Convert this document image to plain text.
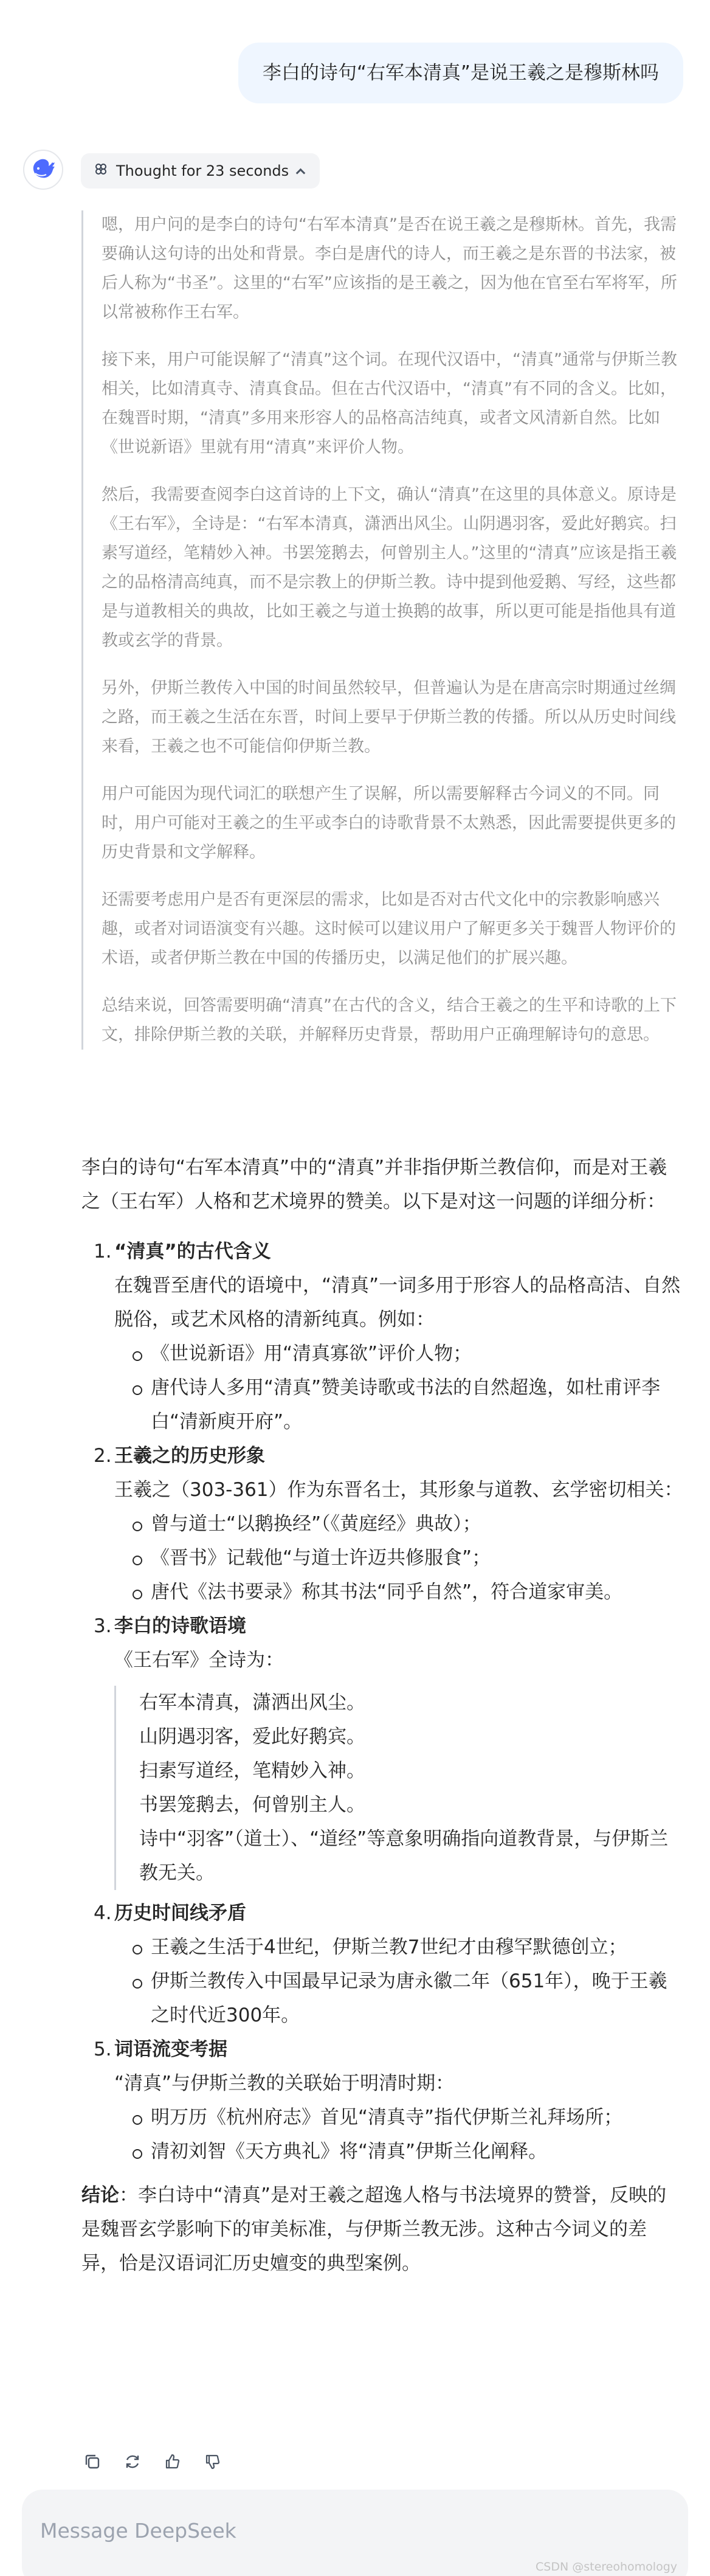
李白的诗句“右军本清真”是说王羲之是穆斯林吗
Thought for 23 seconds

嗯，用户问的是李白的诗句“右军本清真”是否在说王羲之是穆斯林。首先，我需要确认这句诗的出处和背景。李白是唐代的诗人，而王羲之是东晋的书法家，被后人称为“书圣”。这里的“右军”应该指的是王羲之，因为他在官至右军将军，所以常被称作王右军。

接下来，用户可能误解了“清真”这个词。在现代汉语中，“清真”通常与伊斯兰教相关，比如清真寺、清真食品。但在古代汉语中，“清真”有不同的含义。比如，在魏晋时期，“清真”多用来形容人的品格高洁纯真，或者文风清新自然。比如《世说新语》里就有用“清真”来评价人物。

然后，我需要查阅李白这首诗的上下文，确认“清真”在这里的具体意义。原诗是《王右军》，全诗是：“右军本清真，潇洒出风尘。山阴遇羽客，爱此好鹅宾。扫素写道经，笔精妙入神。书罢笼鹅去，何曾别主人。”这里的“清真”应该是指王羲之的品格清高纯真，而不是宗教上的伊斯兰教。诗中提到他爱鹅、写经，这些都是与道教相关的典故，比如王羲之与道士换鹅的故事，所以更可能是指他具有道教或玄学的背景。

另外，伊斯兰教传入中国的时间虽然较早，但普遍认为是在唐高宗时期通过丝绸之路，而王羲之生活在东晋，时间上要早于伊斯兰教的传播。所以从历史时间线来看，王羲之也不可能信仰伊斯兰教。

用户可能因为现代词汇的联想产生了误解，所以需要解释古今词义的不同。同时，用户可能对王羲之的生平或李白的诗歌背景不太熟悉，因此需要提供更多的历史背景和文学解释。

还需要考虑用户是否有更深层的需求，比如是否对古代文化中的宗教影响感兴趣，或者对词语演变有兴趣。这时候可以建议用户了解更多关于魏晋人物评价的术语，或者伊斯兰教在中国的传播历史，以满足他们的扩展兴趣。

总结来说，回答需要明确“清真”在古代的含义，结合王羲之的生平和诗歌的上下文，排除伊斯兰教的关联，并解释历史背景，帮助用户正确理解诗句的意思。

李白的诗句“右军本清真”中的“清真”并非指伊斯兰教信仰，而是对王羲之（王右军）人格和艺术境界的赞美。以下是对这一问题的详细分析：
1. “清真”的古代含义
在魏晋至唐代的语境中，“清真”一词多用于形容人的品格高洁、自然脱俗，或艺术风格的清新纯真。例如：
《世说新语》用“清真寡欲”评价人物；
唐代诗人多用“清真”赞美诗歌或书法的自然超逸，如杜甫评李白“清新庾开府”。
2. 王羲之的历史形象
王羲之（303-361）作为东晋名士，其形象与道教、玄学密切相关：
曾与道士“以鹅换经”（《黄庭经》典故）；
《晋书》记载他“与道士许迈共修服食”；
唐代《法书要录》称其书法“同乎自然”，符合道家审美。
3. 李白的诗歌语境
《王右军》全诗为：
右军本清真，潇洒出风尘。
山阴遇羽客，爱此好鹅宾。
扫素写道经，笔精妙入神。
书罢笼鹅去，何曾别主人。
诗中“羽客”（道士）、“道经”等意象明确指向道教背景，与伊斯兰教无关。
4. 历史时间线矛盾
王羲之生活于4世纪，伊斯兰教7世纪才由穆罕默德创立；
伊斯兰教传入中国最早记录为唐永徽二年（651年），晚于王羲之时代近300年。
5. 词语流变考据
“清真”与伊斯兰教的关联始于明清时期：
明万历《杭州府志》首见“清真寺”指代伊斯兰礼拜场所；
清初刘智《天方典礼》将“清真”伊斯兰化阐释。
结论：李白诗中“清真”是对王羲之超逸人格与书法境界的赞誉，反映的是魏晋玄学影响下的审美标准，与伊斯兰教无涉。这种古今词义的差异，恰是汉语词汇历史嬗变的典型案例。
Message DeepSeek
CSDN @stereohomology
